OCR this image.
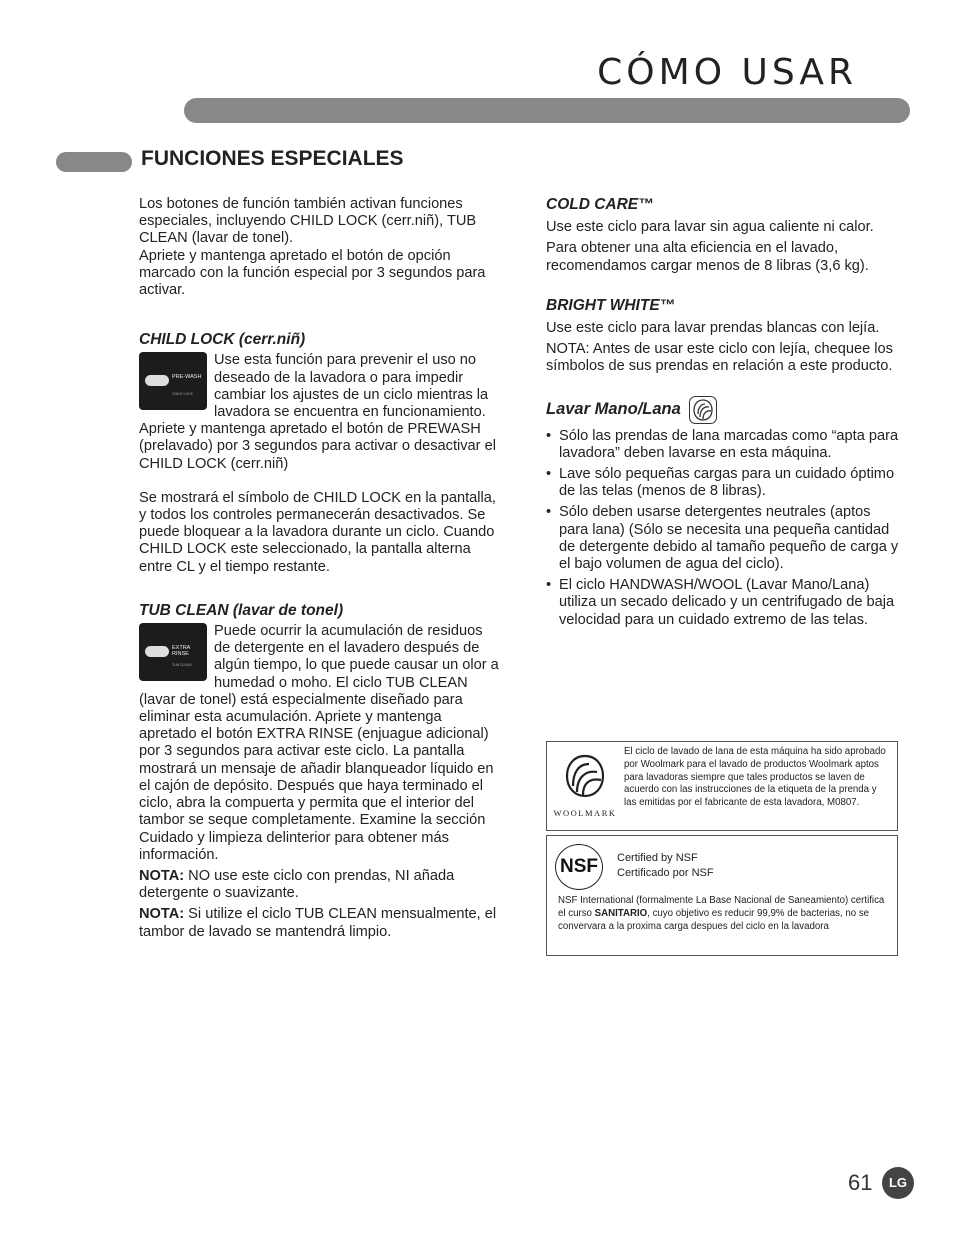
CÓMO USAR
FUNCIONES ESPECIALES

Los botones de función también activan funciones especiales, incluyendo CHILD LOCK (cerr.niñ), TUB CLEAN (lavar de tonel).

Apriete y mantenga apretado el botón de opción marcado con la función especial por 3 segundos para activar.

CHILD LOCK (cerr.niñ)

PRE-WASH
CHILD LOCK

Use esta función para prevenir el uso no deseado de la lavadora o para impedir cambiar los ajustes de un ciclo mientras la lavadora se encuentra en funcionamiento. Apriete y mantenga apretado el botón de PREWASH (prelavado) por 3 segundos para activar o desactivar el CHILD LOCK (cerr.niñ)

Se mostrará el símbolo de CHILD LOCK en la pantalla, y todos los controles permanecerán desactivados. Se puede bloquear a la lavadora durante un ciclo. Cuando CHILD LOCK este seleccionado, la pantalla alterna entre CL y el tiempo restante.

TUB CLEAN (lavar de tonel)

EXTRA
RINSE
TUB CLEAN

Puede ocurrir la acumulación de residuos de detergente en el lavadero después de algún tiempo, lo que puede causar un olor a humedad o moho. El ciclo TUB CLEAN (lavar de tonel) está especialmente diseñado para eliminar esta acumulación. Apriete y mantenga apretado el botón EXTRA RINSE (enjuague adicional) por 3 segundos para activar este ciclo. La pantalla mostrará un mensaje de añadir blanqueador líquido en el cajón de depósito. Después que haya terminado el ciclo, abra la compuerta y permita que el interior del tambor se seque completamente. Examine la sección Cuidado y limpieza delinterior para obtener más información.

NOTA: NO use este ciclo con prendas, NI añada detergente o suavizante.

NOTA: Si utilize el ciclo TUB CLEAN mensualmente, el tambor de lavado se mantendrá limpio.

COLD CARE™

Use este ciclo para lavar sin agua caliente ni calor.

Para obtener una alta eficiencia en el lavado, recomendamos cargar menos de 8 libras (3,6 kg).

BRIGHT WHITE™

Use este ciclo para lavar prendas blancas con lejía.

NOTA: Antes de usar este ciclo con lejía, chequee los símbolos de sus prendas en relación a este producto.

Lavar Mano/Lana

• Sólo las prendas de lana marcadas como “apta para lavadora” deben lavarse en esta máquina.
• Lave sólo pequeñas cargas para un cuidado óptimo de las telas (menos de 8 libras).
• Sólo deben usarse detergentes neutrales (aptos para lana) (Sólo se necesita una pequeña cantidad de detergente debido al tamaño pequeño de carga y el bajo volumen de agua del ciclo).
• El ciclo HANDWASH/WOOL (Lavar Mano/Lana) utiliza un secado delicado y un centrifugado de baja velocidad para un cuidado extremo de las telas.
WOOLMARK
El ciclo de lavado de lana de esta máquina ha sido aprobado por Woolmark para el lavado de productos Woolmark aptos para lavadoras siempre que tales productos se laven de acuerdo con las instrucciones de la etiqueta de la prenda y las emitidas por el fabricante de esta lavadora, M0807.
NSF	Certified by NSF
Certificado por NSF
NSF International (formalmente La Base Nacional de Saneamiento) certifica el curso SANITARIO, cuyo objetivo es reducir 99,9% de bacterias, no se convervara a la proxima carga despues del ciclo en la lavadora
61	LG
